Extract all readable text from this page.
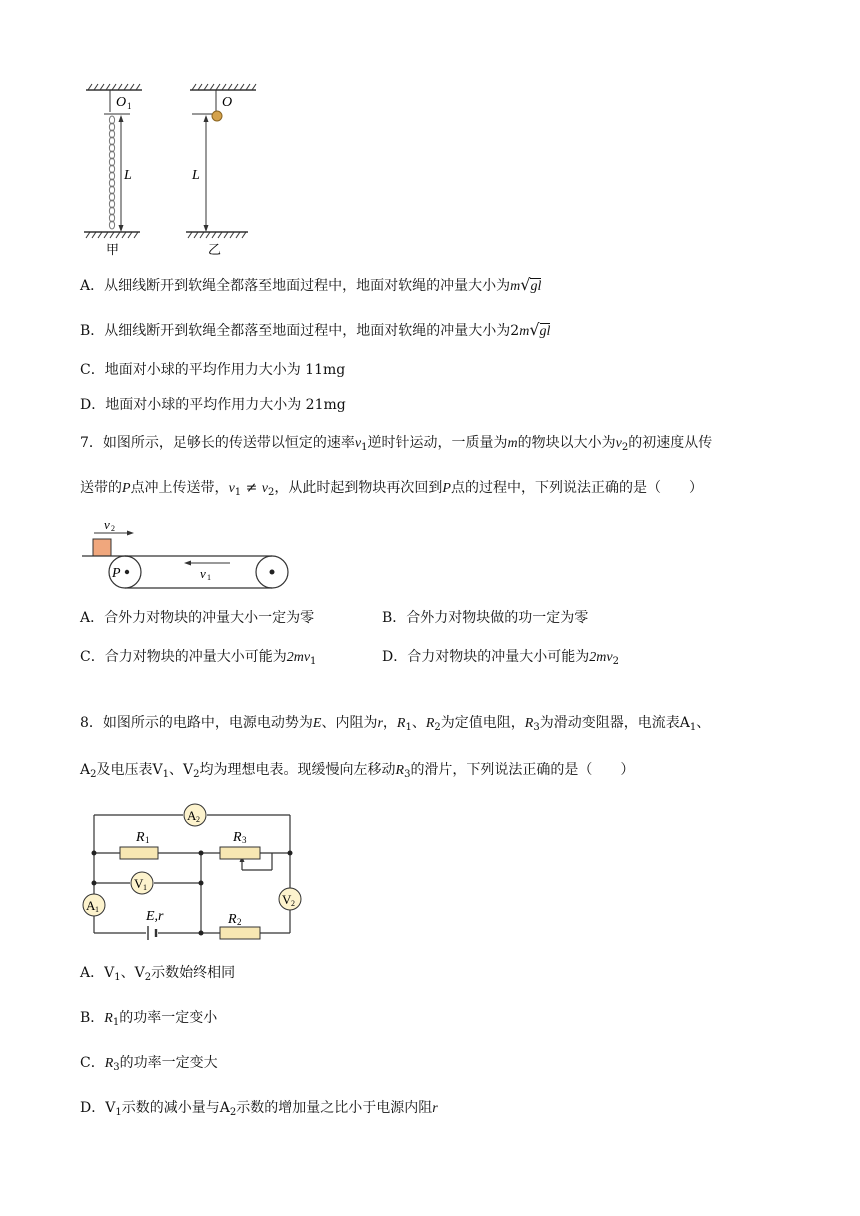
L
O 1
甲
O
L
乙
A．从细线断开到软绳全都落至地面过程中，地面对软绳的冲量大小为m√gl
B．从细线断开到软绳全都落至地面过程中，地面对软绳的冲量大小为2m√gl
C．地面对小球的平均作用力大小为 11mg
D．地面对小球的平均作用力大小为 21mg
7．如图所示，足够长的传送带以恒定的速率$v_1$逆时针运动，一质量为m的物块以大小为$v_2$的初速度从传
送带的P点冲上传送带，$v_1 \ne v_2$，从此时起到物块再次回到P点的过程中，下列说法正确的是（　　）
v 2
P	v 1
A．合外力对物块的冲量大小一定为零	B．合外力对物块做的功一定为零
C．合力对物块的冲量大小可能为$2mv_1$	D．合力对物块的冲量大小可能为$2mv_2$
8．如图所示的电路中，电源电动势为E、内阻为r，$R_1$、$R_2$为定值电阻，$R_3$为滑动变阻器，电流表$A_1$、
$A_2$及电压表$V_1$、$V_2$均为理想电表。现缓慢向左移动$R_3$的滑片，下列说法正确的是（　　）
A 2
V 1
A 1
V 2
R 1	R 3
R 2
E,r
A．$V_1$、$V_2$示数始终相同
B．$R_1$的功率一定变小
C．$R_3$的功率一定变大
D．$V_1$示数的减小量与$A_2$示数的增加量之比小于电源内阻r
